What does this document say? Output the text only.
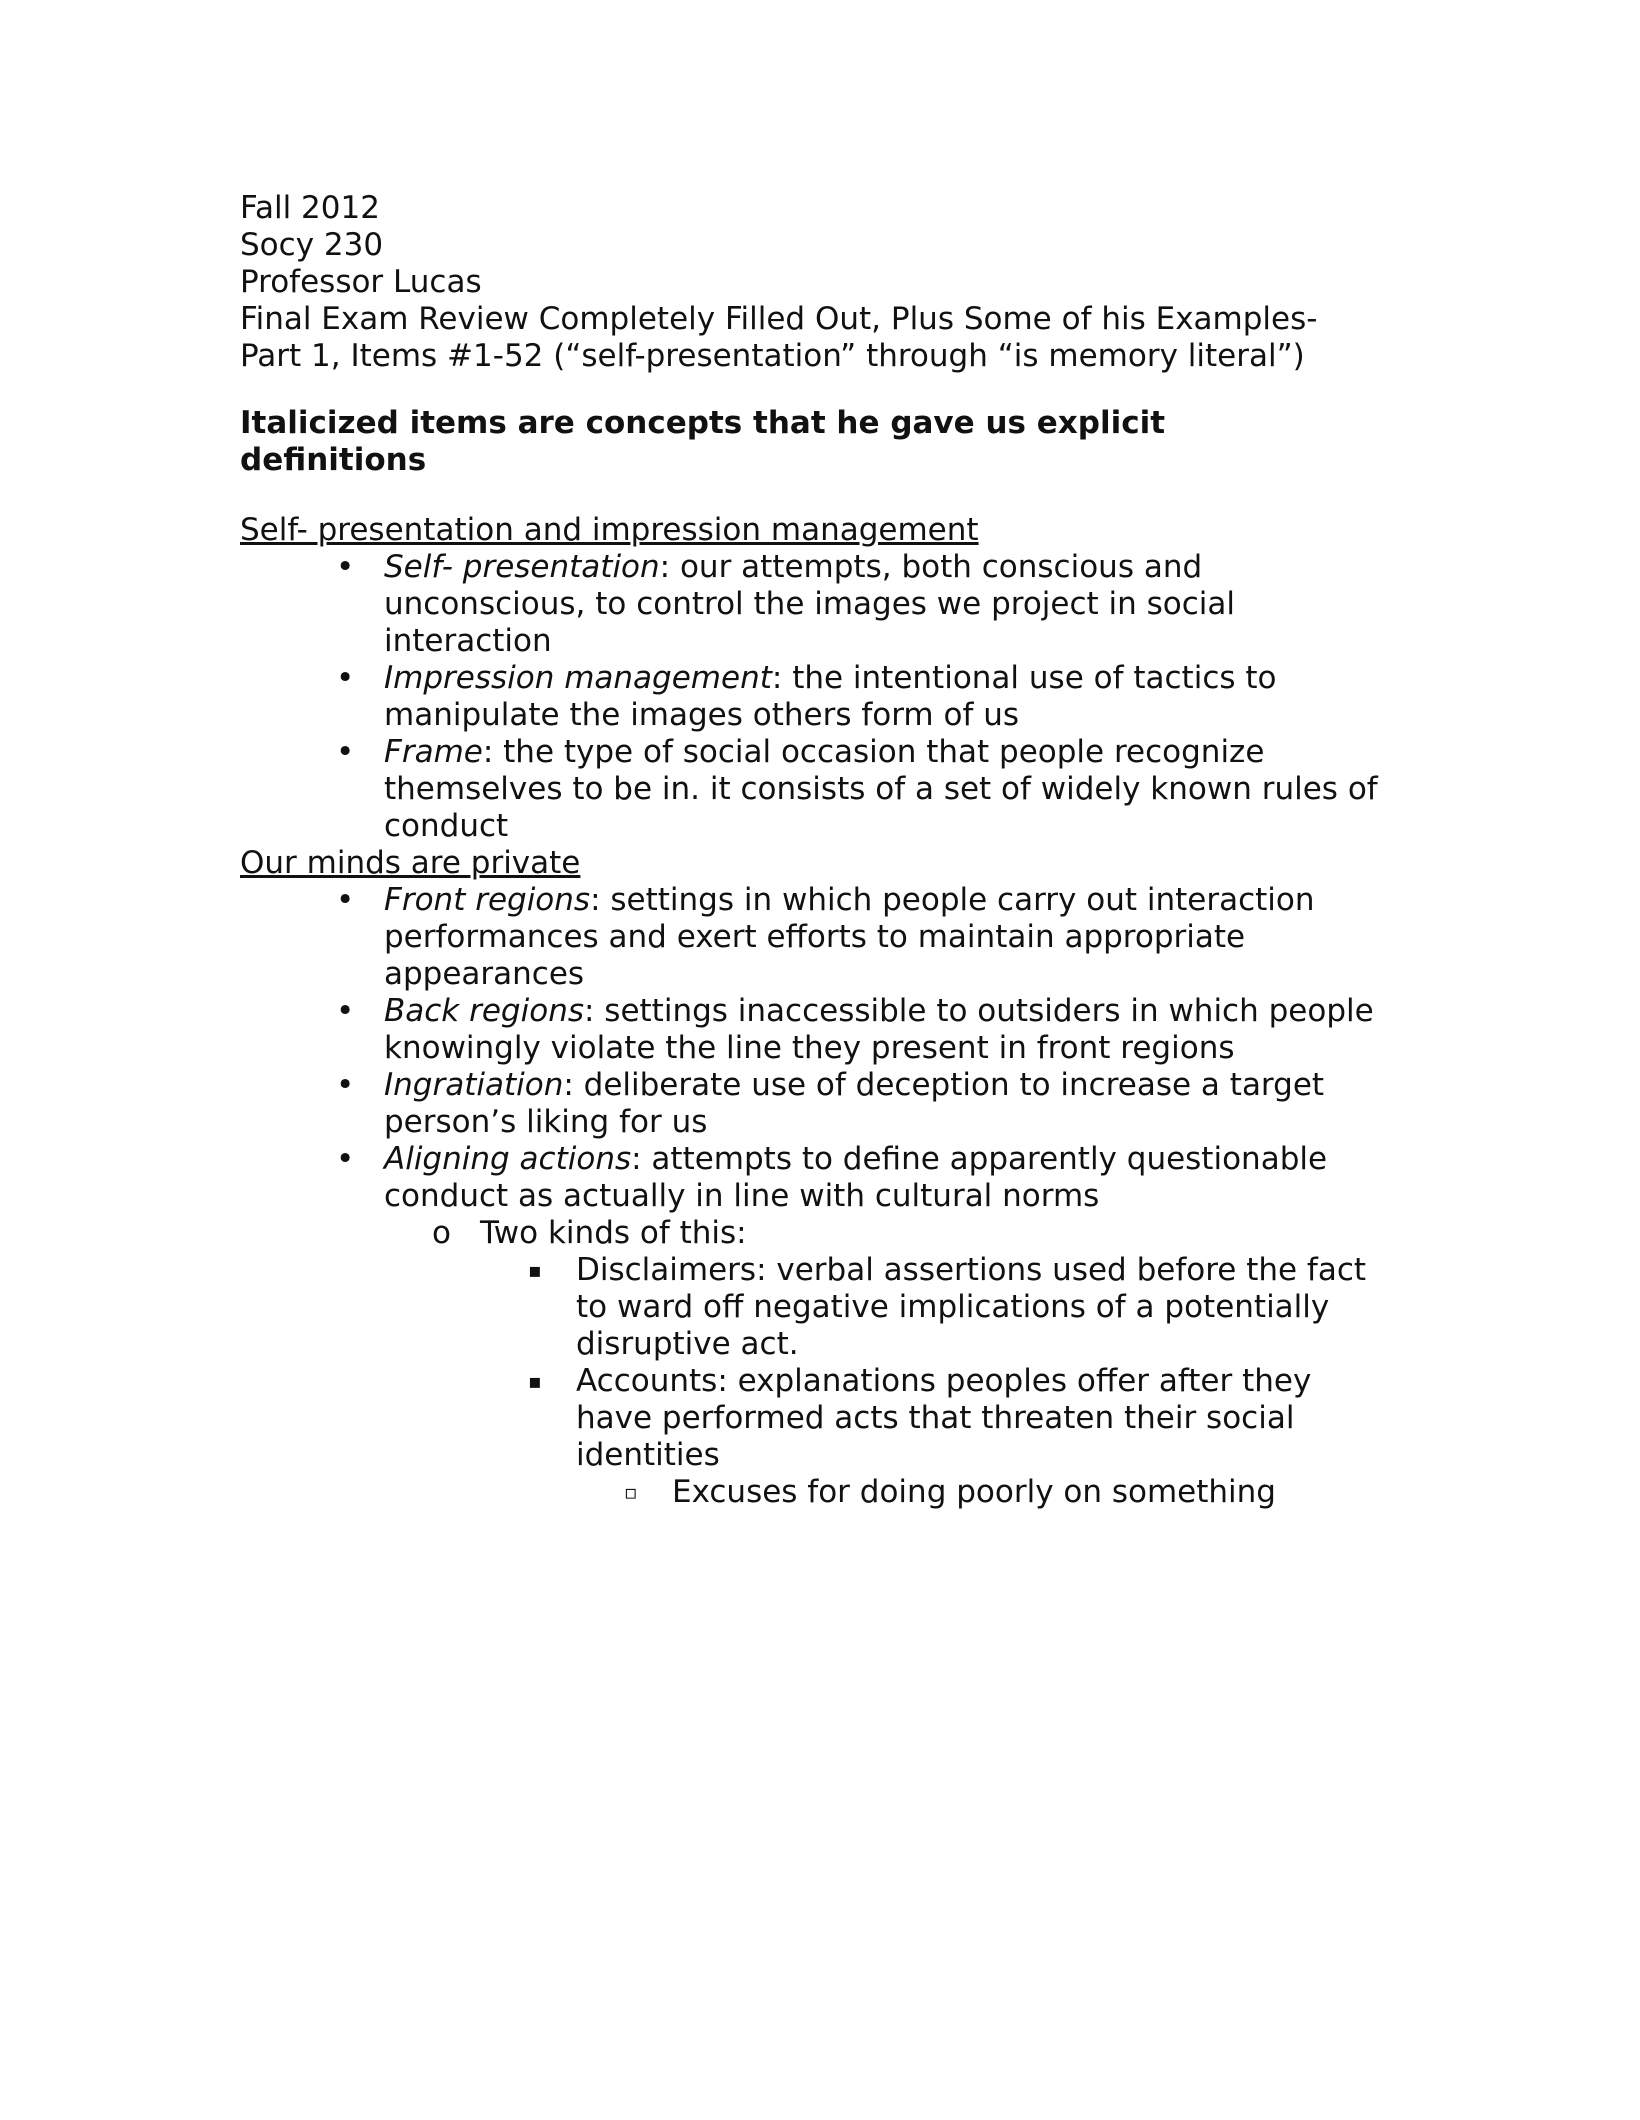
Fall 2012
Socy 230
Professor Lucas
Final Exam Review Completely Filled Out, Plus Some of his Examples-
Part 1, Items #1-52 (“self-presentation” through “is memory literal”)
Italicized items are concepts that he gave us explicit definitions
Self- presentation and impression management
• Self- presentation: our attempts, both conscious and unconscious, to control the images we project in social interaction
• Impression management: the intentional use of tactics to manipulate the images others form of us
• Frame: the type of social occasion that people recognize themselves to be in. it consists of a set of widely known rules of conduct
Our minds are private
• Front regions: settings in which people carry out interaction performances and exert efforts to maintain appropriate appearances
• Back regions: settings inaccessible to outsiders in which people knowingly violate the line they present in front regions
• Ingratiation: deliberate use of deception to increase a target person’s liking for us
• Aligning actions: attempts to define apparently questionable conduct as actually in line with cultural norms
o Two kinds of this:
▪ Disclaimers: verbal assertions used before the fact to ward off negative implications of a potentially disruptive act.
▪ Accounts: explanations peoples offer after they have performed acts that threaten their social identities
▫ Excuses for doing poorly on something
